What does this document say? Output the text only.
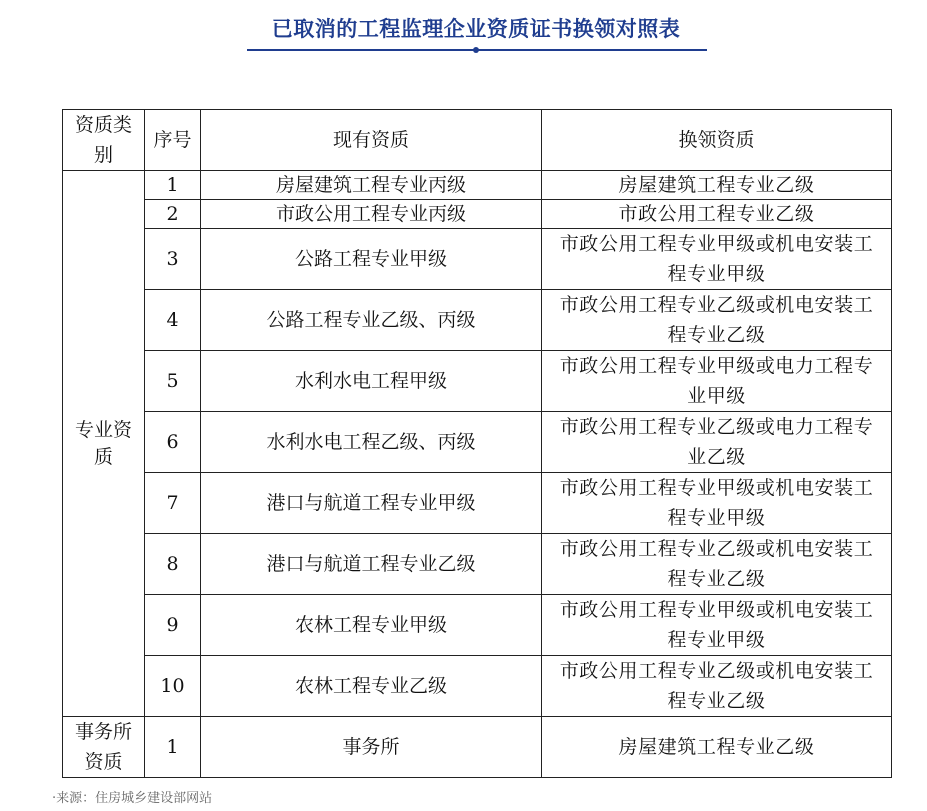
已取消的工程监理企业资质证书换领对照表
资质类别	序号	现有资质	换领资质

专业资质	1	房屋建筑工程专业丙级	房屋建筑工程专业乙级

	2	市政公用工程专业丙级	市政公用工程专业乙级

	3	公路工程专业甲级	市政公用工程专业甲级或机电安装工程专业甲级

	4	公路工程专业乙级、丙级	市政公用工程专业乙级或机电安装工程专业乙级

	5	水利水电工程甲级	市政公用工程专业甲级或电力工程专业甲级

	6	水利水电工程乙级、丙级	市政公用工程专业乙级或电力工程专业乙级

	7	港口与航道工程专业甲级	市政公用工程专业甲级或机电安装工程专业甲级

	8	港口与航道工程专业乙级	市政公用工程专业乙级或机电安装工程专业乙级

	9	农林工程专业甲级	市政公用工程专业甲级或机电安装工程专业甲级

	10	农林工程专业乙级	市政公用工程专业乙级或机电安装工程专业乙级

事务所资质	1	事务所	房屋建筑工程专业乙级
·来源：住房城乡建设部网站
